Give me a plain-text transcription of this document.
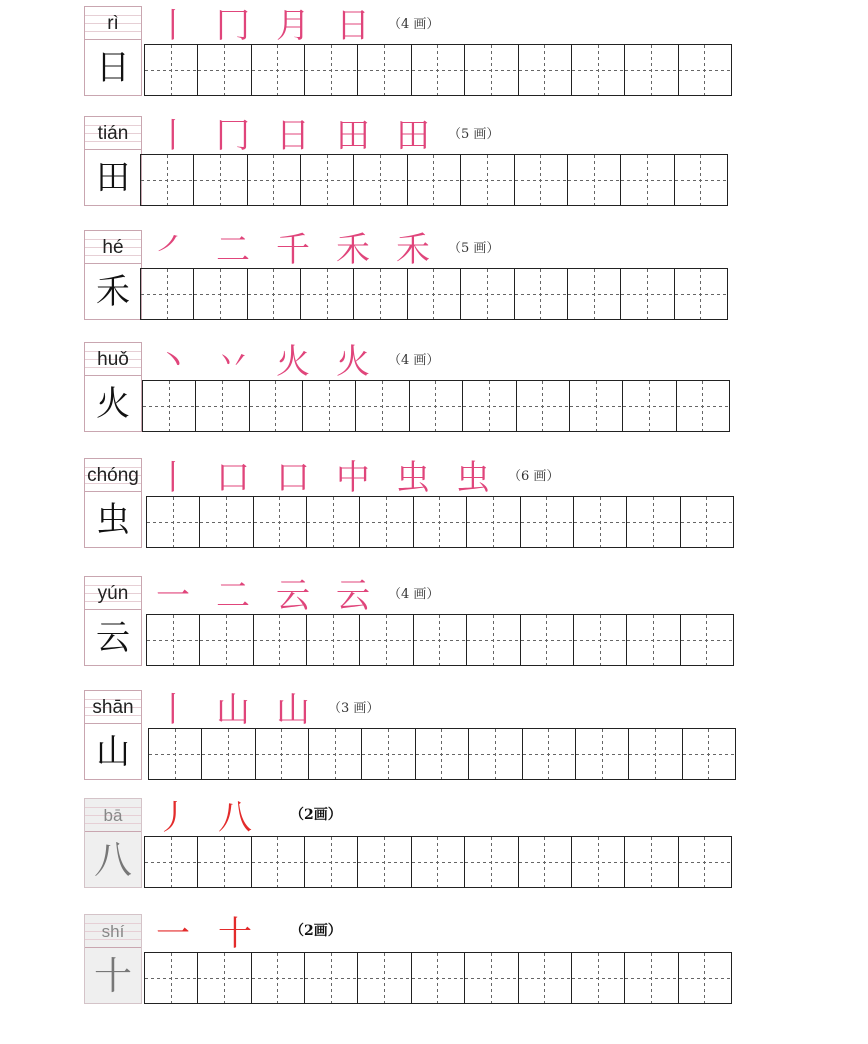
rì
日
丨 冂 月 日 （4 画）
tián
田
丨 冂 日 田 田 （5 画）
hé
禾
㇒ 二 千 禾 禾 （5 画）
huǒ
火
丶 丷 火 火 （4 画）
chóng
虫
丨 口 口 中 虫 虫 （6 画）
yún
云
一 二 云 云 （4 画）
shān
山
丨 山 山 （3 画）
bā
八
丿 八	（2画）
shí
十
一 十	（2画）
